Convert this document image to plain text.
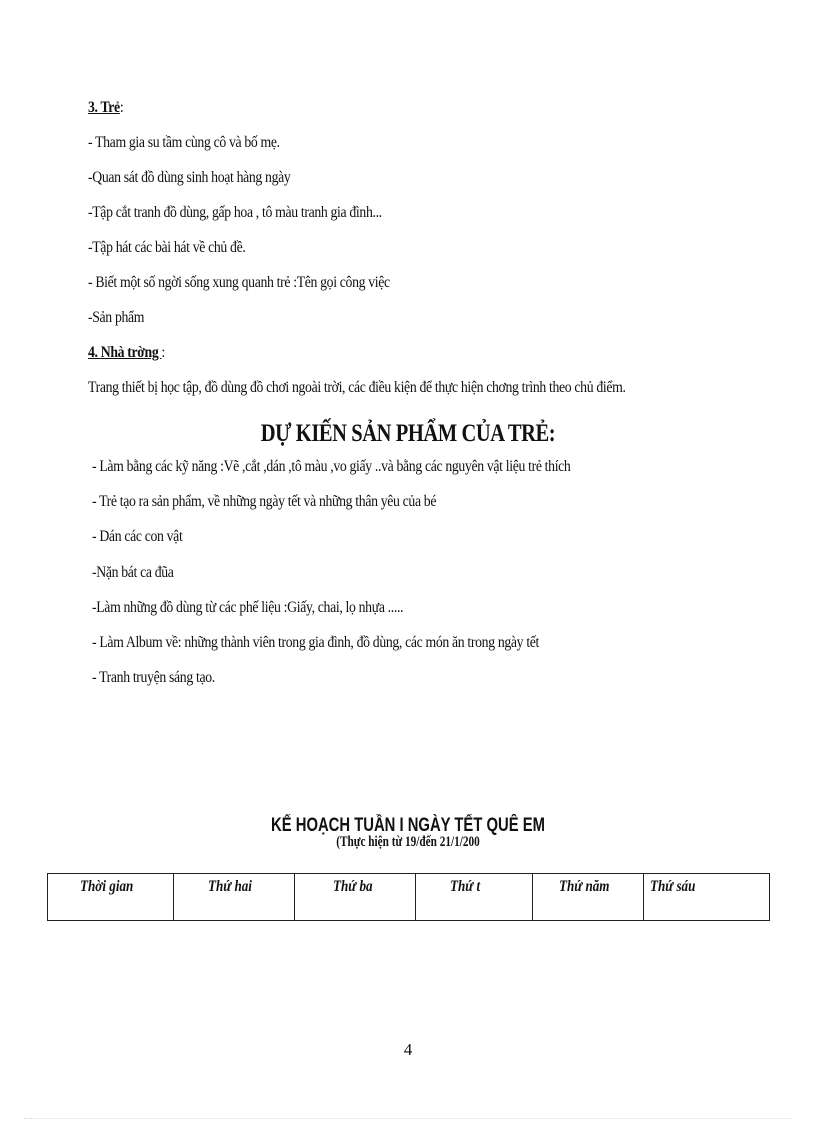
3. Trẻ:
- Tham gia su tầm cùng cô và bố mẹ.
-Quan sát đồ dùng sinh hoạt hàng ngày
-Tập cắt tranh đồ dùng, gấp hoa , tô màu tranh gia đình...
-Tập hát các bài hát về chủ đề.
- Biết một số ngời sống xung quanh trẻ :Tên gọi công việc
-Sản phẩm
4. Nhà trờng :
Trang thiết bị học tập, đồ dùng đồ chơi ngoài trời, các điều kiện để thực hiện chơng trình theo chủ điểm.
DỰ KIẾN SẢN PHẨM CỦA TRẺ:
- Làm bằng các kỹ năng :Vẽ ,cắt ,dán ,tô màu ,vo giấy ..và bằng các nguyên vật liệu trẻ thích
- Trẻ tạo ra sản phẩm, về những ngày tết và những thân yêu của bé
- Dán các con vật
-Nặn bát ca đũa
-Làm những đồ dùng từ các phế liệu :Giấy, chai, lọ nhựa .....
- Làm Album về: những thành viên trong gia đình, đồ dùng, các món ăn trong ngày tết
- Tranh truyện sáng tạo.
KẾ HOẠCH TUẦN I NGÀY TẾT QUÊ EM
(Thực hiện từ 19/đến 21/1/200
Thời gian	Thứ hai	Thứ ba	Thứ t	Thứ năm	Thứ sáu
4
